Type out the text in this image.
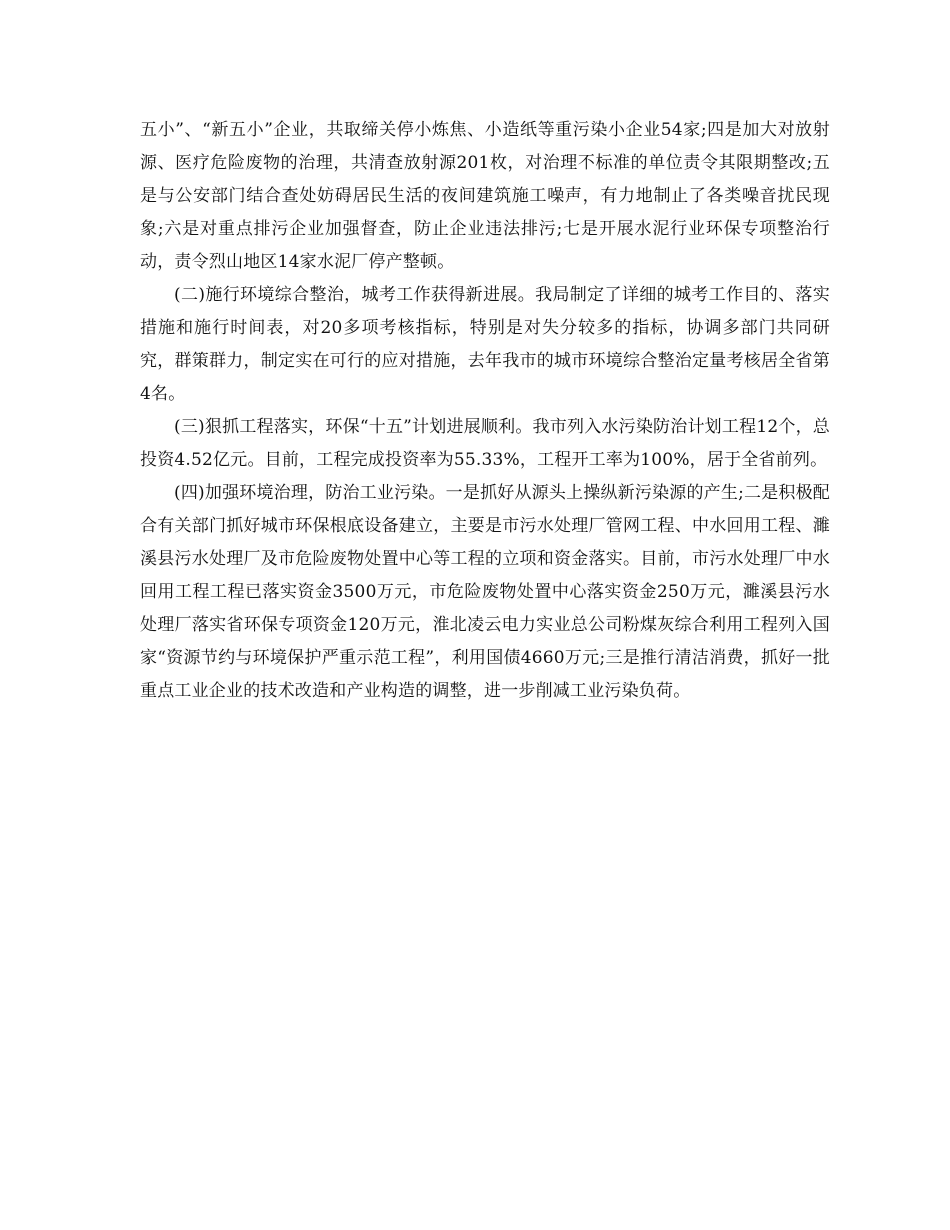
五小”、“新五小”企业，共取缔关停小炼焦、小造纸等重污染小企业54家;四是加大对放射源、医疗危险废物的治理，共清查放射源201枚，对治理不标准的单位责令其限期整改;五是与公安部门结合查处妨碍居民生活的夜间建筑施工噪声，有力地制止了各类噪音扰民现象;六是对重点排污企业加强督查，防止企业违法排污;七是开展水泥行业环保专项整治行动，责令烈山地区14家水泥厂停产整顿。

(二)施行环境综合整治，城考工作获得新进展。我局制定了详细的城考工作目的、落实措施和施行时间表，对20多项考核指标，特别是对失分较多的指标，协调多部门共同研究，群策群力，制定实在可行的应对措施，去年我市的城市环境综合整治定量考核居全省第4名。

(三)狠抓工程落实，环保“十五”计划进展顺利。我市列入水污染防治计划工程12个，总投资4.52亿元。目前，工程完成投资率为55.33%，工程开工率为100%，居于全省前列。

(四)加强环境治理，防治工业污染。一是抓好从源头上操纵新污染源的产生;二是积极配合有关部门抓好城市环保根底设备建立，主要是市污水处理厂管网工程、中水回用工程、濉溪县污水处理厂及市危险废物处置中心等工程的立项和资金落实。目前，市污水处理厂中水回用工程工程已落实资金3500万元，市危险废物处置中心落实资金250万元，濉溪县污水处理厂落实省环保专项资金120万元，淮北凌云电力实业总公司粉煤灰综合利用工程列入国家“资源节约与环境保护严重示范工程”，利用国债4660万元;三是推行清洁消费，抓好一批重点工业企业的技术改造和产业构造的调整，进一步削减工业污染负荷。
